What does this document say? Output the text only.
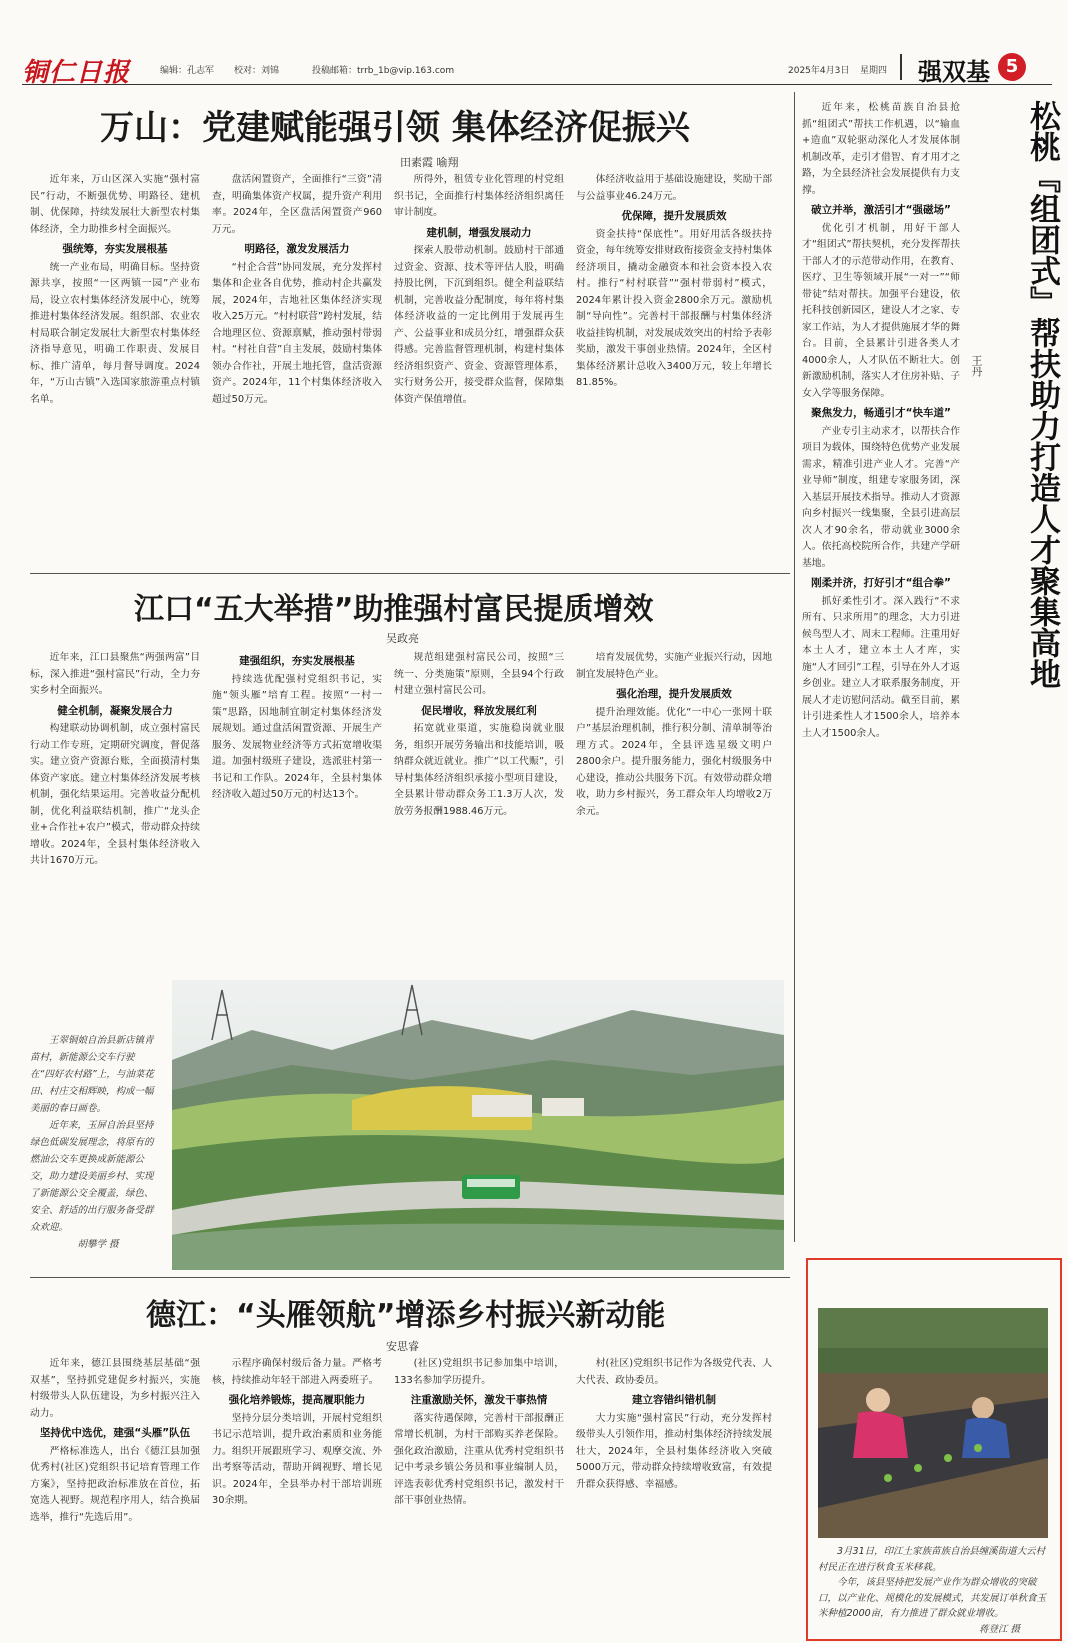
铜仁日报	编辑：孔志军 校对：刘锦	投稿邮箱：trrb_1b@vip.163.com	2025年4月3日 星期四 强双基 5
万山：党建赋能强引领 集体经济促振兴
田素霞 喻翔

近年来，万山区深入实施“强村富民”行动，不断强优势、明路径、建机制、优保障，持续发展壮大新型农村集体经济，全力助推乡村全面振兴。

强统筹，夯实发展根基

统一产业布局，明确目标。坚持资源共享，按照“一区两镇一园”产业布局，设立农村集体经济发展中心，统筹推进村集体经济发展。组织部、农业农村局联合制定发展壮大新型农村集体经济指导意见，明确工作职责、发展目标、推广清单，每月督导调度。2024年，“万山古镇”入选国家旅游重点村镇名单。

盘活闲置资产，全面推行“三资”清查，明确集体资产权属，提升资产利用率。2024年，全区盘活闲置资产960万元。

明路径，激发发展活力

“村企合营”协同发展，充分发挥村集体和企业各自优势，推动村企共赢发展，2024年，吉地社区集体经济实现收入25万元。“村村联营”跨村发展，结合地理区位、资源禀赋，推动强村带弱村。“村社自营”自主发展，鼓励村集体领办合作社，开展土地托管，盘活资源资产。2024年，11个村集体经济收入超过50万元。

所得外，租赁专业化管理的村党组织书记，全面推行村集体经济组织离任审计制度。

建机制，增强发展动力

探索人股带动机制。鼓励村干部通过资金、资源、技术等评估人股，明确持股比例，下沉到组织。健全利益联结机制，完善收益分配制度，每年将村集体经济收益的一定比例用于发展再生产、公益事业和成员分红，增强群众获得感。完善监督管理机制，构建村集体经济组织资产、资金、资源管理体系，实行财务公开，接受群众监督，保障集体资产保值增值。

体经济收益用于基础设施建设，奖励干部与公益事业46.24万元。

优保障，提升发展质效

资金扶持“保底性”。用好用活各级扶持资金，每年统筹安排财政衔接资金支持村集体经济项目，撬动金融资本和社会资本投入农村。推行“村村联营”“强村带弱村”模式，2024年累计投入资金2800余万元。激励机制“导向性”。完善村干部报酬与村集体经济收益挂钩机制，对发展成效突出的村给予表彰奖励，激发干事创业热情。2024年，全区村集体经济累计总收入3400万元，较上年增长81.85%。

江口“五大举措”助推强村富民提质增效
吴政亮

近年来，江口县聚焦“两强两富”目标，深入推进“强村富民”行动，全力夯实乡村全面振兴。

健全机制，凝聚发展合力

构建联动协调机制，成立强村富民行动工作专班，定期研究调度，督促落实。建立资产资源台账，全面摸清村集体资产家底。建立村集体经济发展考核机制，强化结果运用。完善收益分配机制，优化利益联结机制，推广“龙头企业+合作社+农户”模式，带动群众持续增收。2024年，全县村集体经济收入共计1670万元。

建强组织，夯实发展根基

持续选优配强村党组织书记，实施“领头雁”培育工程。按照“一村一策”思路，因地制宜制定村集体经济发展规划。通过盘活闲置资源、开展生产服务、发展物业经济等方式拓宽增收渠道。加强村级班子建设，选派驻村第一书记和工作队。2024年，全县村集体经济收入超过50万元的村达13个。

规范组建强村富民公司，按照“三统一、分类施策”原则，全县94个行政村建立强村富民公司。

促民增收，释放发展红利

拓宽就业渠道，实施稳岗就业服务，组织开展劳务输出和技能培训，吸纳群众就近就业。推广“以工代赈”，引导村集体经济组织承接小型项目建设，全县累计带动群众务工1.3万人次，发放劳务报酬1988.46万元。

培育发展优势，实施产业振兴行动，因地制宜发展特色产业。

强化治理，提升发展质效

提升治理效能。优化“一中心一张网十联户”基层治理机制，推行积分制、清单制等治理方式。2024年，全县评选星级文明户2800余户。提升服务能力，强化村级服务中心建设，推动公共服务下沉。有效带动群众增收，助力乡村振兴，务工群众年人均增收2万余元。

王翠铜娘自治县新店镇青苗村，新能源公交车行驶在“四好农村路”上，与油菜花田、村庄交相辉映，构成一幅美丽的春日画卷。

近年来，玉屏自治县坚持绿色低碳发展理念，将原有的燃油公交车更换成新能源公交，助力建设美丽乡村、实现了新能源公交全覆盖，绿色、安全、舒适的出行服务备受群众欢迎。

胡攀学 摄

德江：“头雁领航”增添乡村振兴新动能
安思睿

近年来，德江县围绕基层基础“强双基”，坚持抓党建促乡村振兴，实施村级带头人队伍建设，为乡村振兴注入动力。

坚持优中选优，建强“头雁”队伍

严格标准选人，出台《德江县加强优秀村(社区)党组织书记培育管理工作方案》，坚持把政治标准放在首位，拓宽选人视野。规范程序用人，结合换届选举，推行“先选后用”。

示程序确保村级后备力量。严格考核，持续推动年轻干部进入两委班子。

强化培养锻炼，提高履职能力

坚持分层分类培训，开展村党组织书记示范培训，提升政治素质和业务能力。组织开展跟班学习、观摩交流、外出考察等活动，帮助开阔视野、增长见识。2024年，全县举办村干部培训班30余期。

(社区)党组织书记参加集中培训，133名参加学历提升。

注重激励关怀，激发干事热情

落实待遇保障，完善村干部报酬正常增长机制，为村干部购买养老保险。强化政治激励，注重从优秀村党组织书记中考录乡镇公务员和事业编制人员，评选表彰优秀村党组织书记，激发村干部干事创业热情。

村(社区)党组织书记作为各级党代表、人大代表、政协委员。

建立容错纠错机制

大力实施“强村富民”行动，充分发挥村级带头人引领作用，推动村集体经济持续发展壮大，2024年，全县村集体经济收入突破5000万元，带动群众持续增收致富，有效提升群众获得感、幸福感。

松桃『组团式』帮扶助力打造人才聚集高地
王丹

近年来，松桃苗族自治县抢抓“组团式”帮扶工作机遇，以“输血+造血”双轮驱动深化人才发展体制机制改革，走引才借智、育才用才之路，为全县经济社会发展提供有力支撑。

破立并举，激活引才“强磁场”

优化引才机制，用好干部人才“组团式”帮扶契机，充分发挥帮扶干部人才的示范带动作用，在教育、医疗、卫生等领域开展“一对一”“师带徒”结对帮扶。加强平台建设，依托科技创新园区，建设人才之家、专家工作站，为人才提供施展才华的舞台。目前，全县累计引进各类人才4000余人，人才队伍不断壮大。创新激励机制，落实人才住房补贴、子女入学等服务保障。

聚焦发力，畅通引才“快车道”

产业专引主动求才，以帮扶合作项目为载体，围绕特色优势产业发展需求，精准引进产业人才。完善“产业导师”制度，组建专家服务团，深入基层开展技术指导。推动人才资源向乡村振兴一线集聚，全县引进高层次人才90余名，带动就业3000余人。依托高校院所合作，共建产学研基地。

刚柔并济，打好引才“组合拳”

抓好柔性引才。深入践行“不求所有、只求所用”的理念，大力引进候鸟型人才、周末工程师。注重用好本土人才，建立本土人才库，实施“人才回引”工程，引导在外人才返乡创业。建立人才联系服务制度，开展人才走访慰问活动。截至目前，累计引进柔性人才1500余人，培养本土人才1500余人。

3月31日，印江土家族苗族自治县缠溪街道大云村村民正在进行秋食玉米移栽。

今年，该县坚持把发展产业作为群众增收的突破口，以产业化、规模化的发展模式，共发展订单秋食玉米种植2000亩，有力推进了群众就业增收。

蒋登江 摄
